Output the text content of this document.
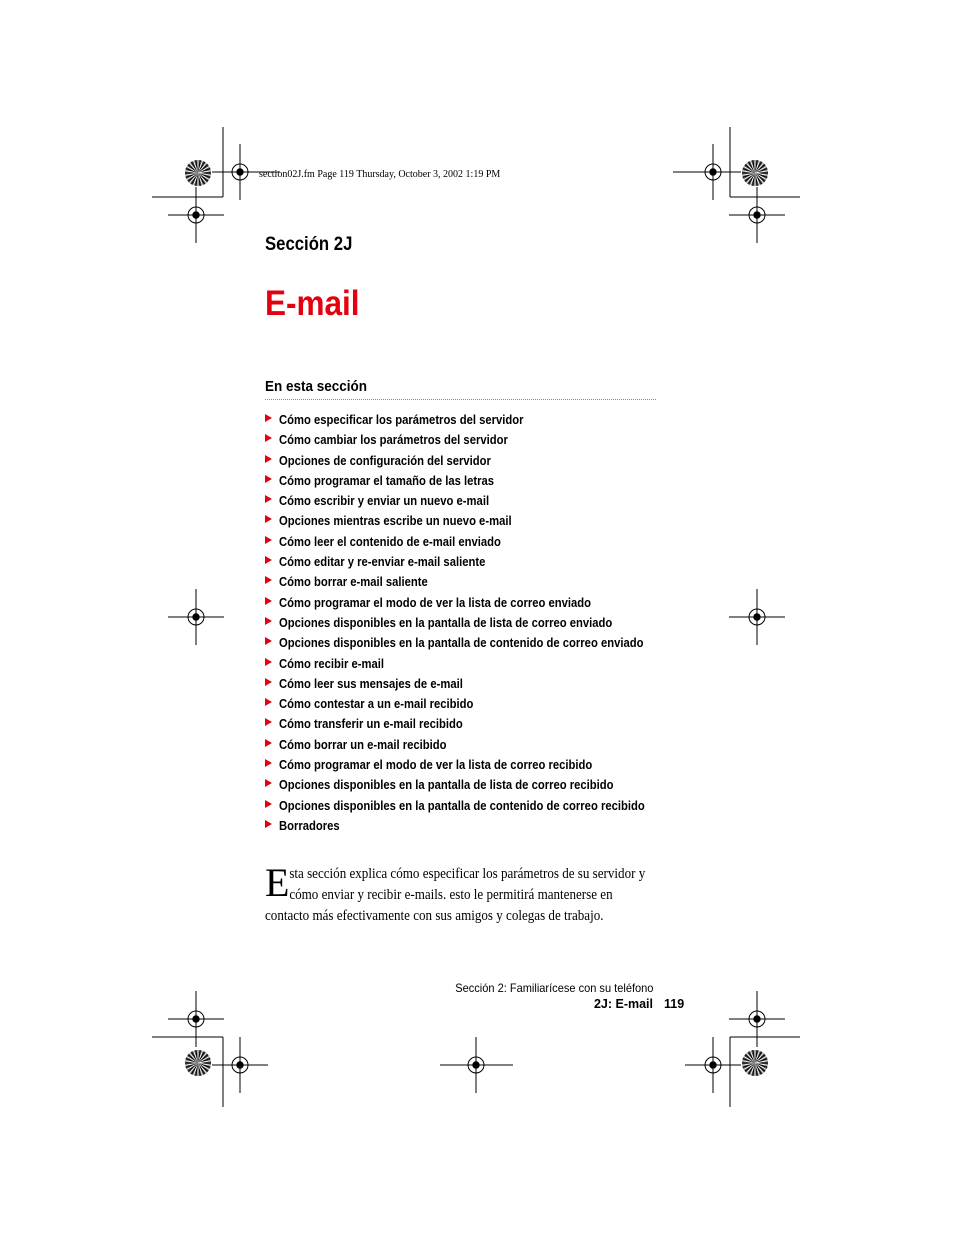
section02J.fm Page 119 Thursday, October 3, 2002 1:19 PM
Sección 2J
E-mail
En esta sección
Cómo especificar los parámetros del servidor
Cómo cambiar los parámetros del servidor
Opciones de configuración del servidor
Cómo programar el tamaño de las letras
Cómo escribir y enviar un nuevo e-mail
Opciones mientras escribe un nuevo e-mail
Cómo leer el contenido de e-mail enviado
Cómo editar y re-enviar e-mail saliente
Cómo borrar e-mail saliente
Cómo programar el modo de ver la lista de correo enviado
Opciones disponibles en la pantalla de lista de correo enviado
Opciones disponibles en la pantalla de contenido de correo enviado
Cómo recibir e-mail
Cómo leer sus mensajes de e-mail
Cómo contestar a un e-mail recibido
Cómo transferir un e-mail recibido
Cómo borrar un e-mail recibido
Cómo programar el modo de ver la lista de correo recibido
Opciones disponibles en la pantalla de lista de correo recibido
Opciones disponibles en la pantalla de contenido de correo recibido
Borradores
E sta sección explica cómo especificar los parámetros de su servidor y cómo enviar y recibir e-mails. esto le permitirá mantenerse en contacto más efectivamente con sus amigos y colegas de trabajo.
Sección 2: Familiarícese con su teléfono
2J: E-mail 119
